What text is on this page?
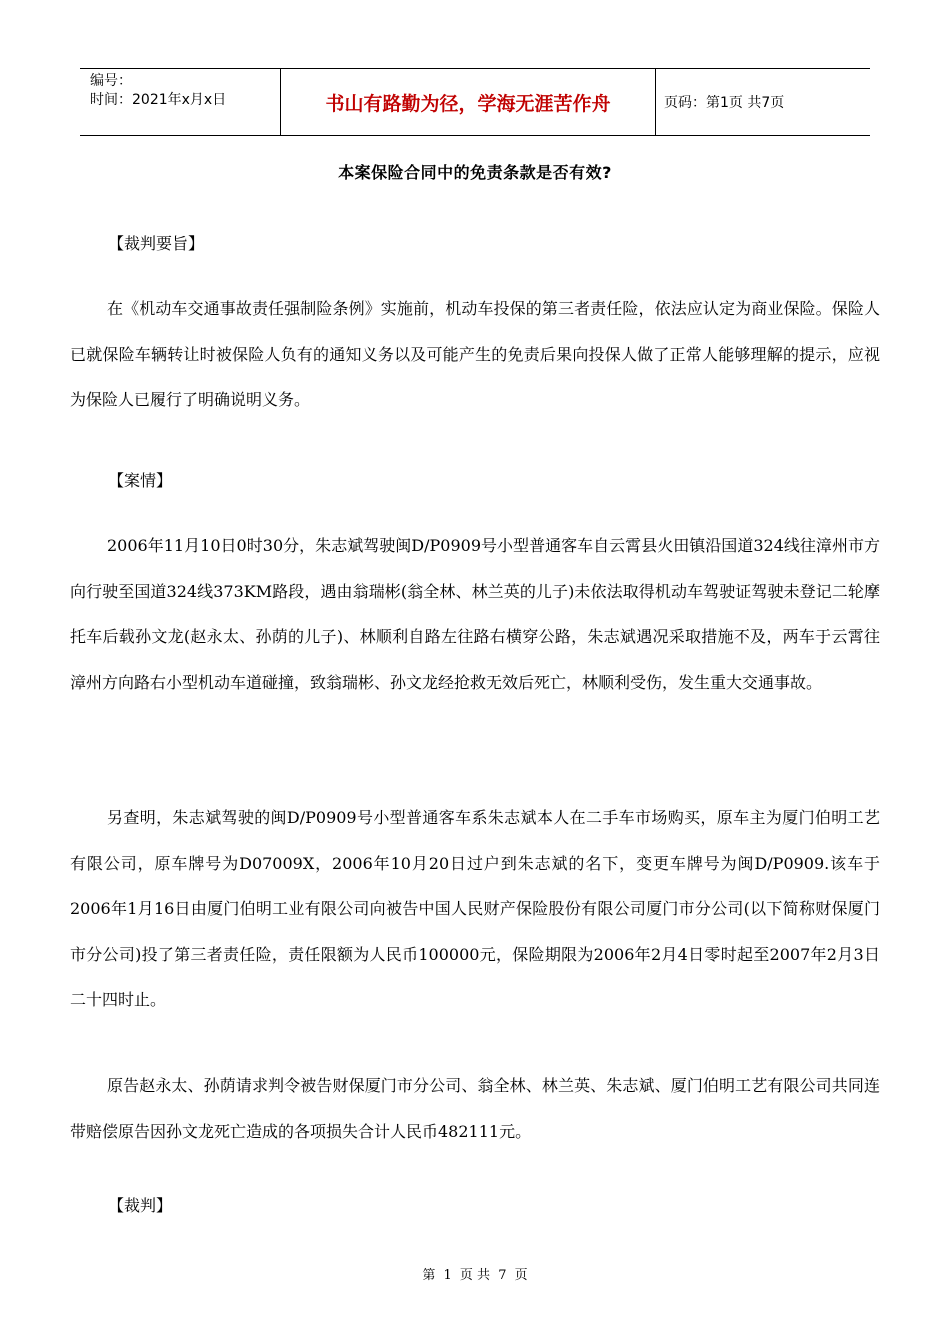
编号：
时间：2021年x月x日	书山有路勤为径，学海无涯苦作舟	页码：第1页 共7页
本案保险合同中的免责条款是否有效?
【裁判要旨】
在《机动车交通事故责任强制险条例》实施前，机动车投保的第三者责任险，依法应认定为商业保险。保险人已就保险车辆转让时被保险人负有的通知义务以及可能产生的免责后果向投保人做了正常人能够理解的提示，应视为保险人已履行了明确说明义务。
【案情】
2006年11月10日0时30分，朱志斌驾驶闽D/P0909号小型普通客车自云霄县火田镇沿国道324线往漳州市方向行驶至国道324线373KM路段，遇由翁瑞彬(翁全林、林兰英的儿子)未依法取得机动车驾驶证驾驶未登记二轮摩托车后载孙文龙(赵永太、孙荫的儿子)、林顺利自路左往路右横穿公路，朱志斌遇况采取措施不及，两车于云霄往漳州方向路右小型机动车道碰撞，致翁瑞彬、孙文龙经抢救无效后死亡，林顺利受伤，发生重大交通事故。
另查明，朱志斌驾驶的闽D/P0909号小型普通客车系朱志斌本人在二手车市场购买，原车主为厦门伯明工艺有限公司，原车牌号为D07009X，2006年10月20日过户到朱志斌的名下，变更车牌号为闽D/P0909.该车于2006年1月16日由厦门伯明工业有限公司向被告中国人民财产保险股份有限公司厦门市分公司(以下简称财保厦门市分公司)投了第三者责任险，责任限额为人民币100000元，保险期限为2006年2月4日零时起至2007年2月3日二十四时止。
原告赵永太、孙荫请求判令被告财保厦门市分公司、翁全林、林兰英、朱志斌、厦门伯明工艺有限公司共同连带赔偿原告因孙文龙死亡造成的各项损失合计人民币482111元。
【裁判】
第 1 页 共 7 页
